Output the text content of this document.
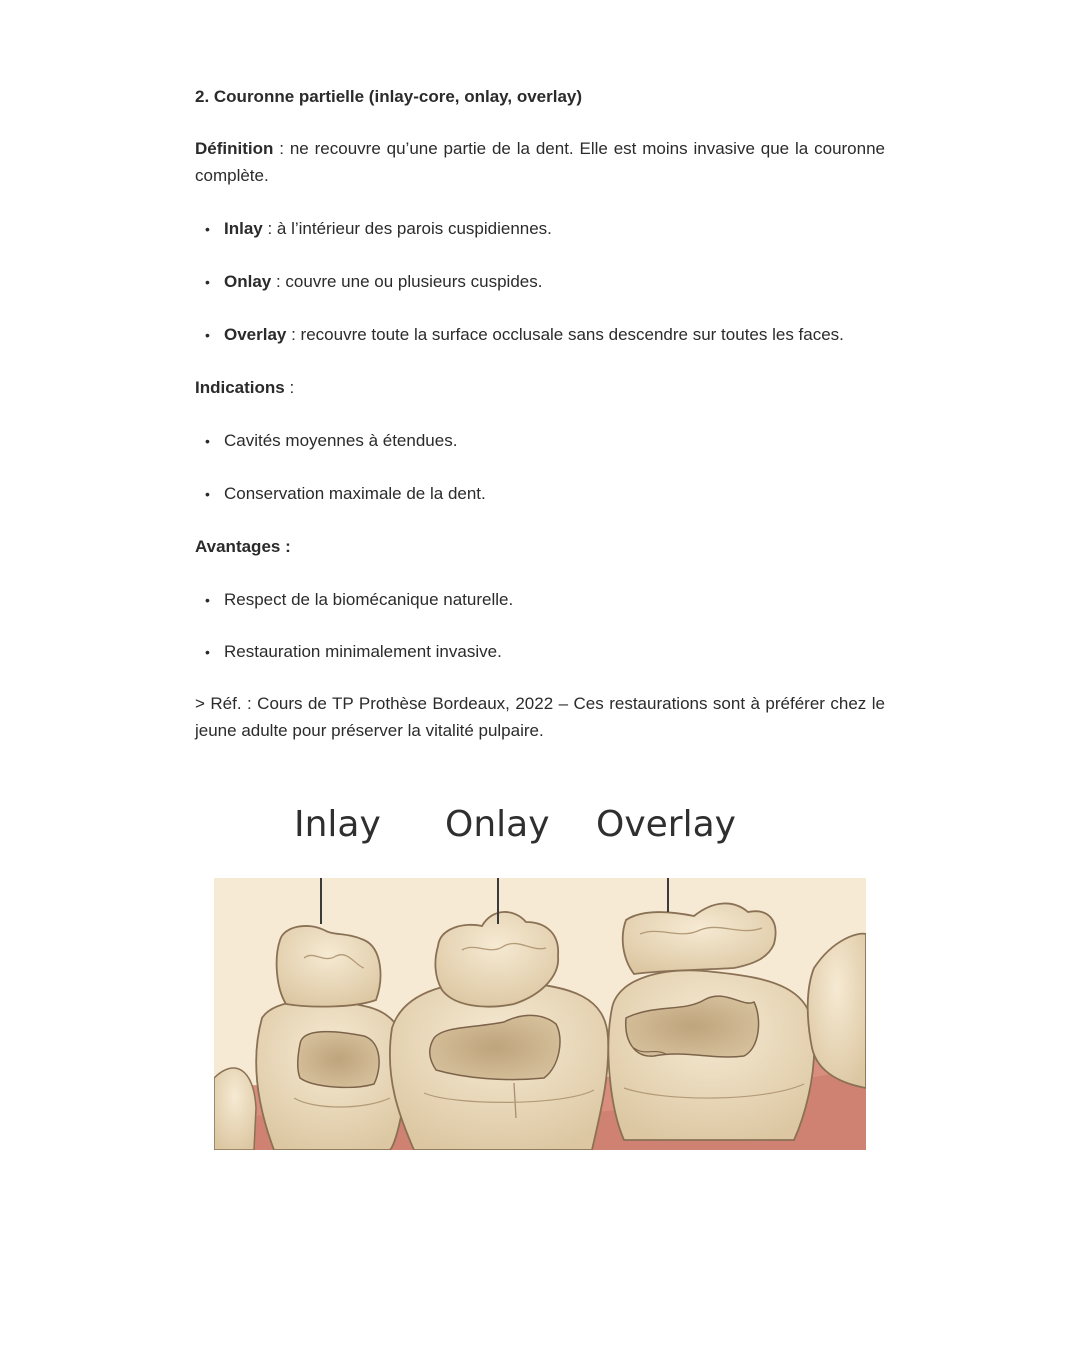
2. Couronne partielle (inlay-core, onlay, overlay)

Définition : ne recouvre qu’une partie de la dent. Elle est moins invasive que la couronne complète.

• Inlay : à l’intérieur des parois cuspidiennes.
• Onlay : couvre une ou plusieurs cuspides.
• Overlay : recouvre toute la surface occlusale sans descendre sur toutes les faces.
Indications :
• Cavités moyennes à étendues.
• Conservation maximale de la dent.
Avantages :
• Respect de la biomécanique naturelle.
• Restauration minimalement invasive.

> Réf. : Cours de TP Prothèse Bordeaux, 2022 – Ces restaurations sont à préférer chez le jeune adulte pour préserver la vitalité pulpaire.

Inlay Onlay Overlay
